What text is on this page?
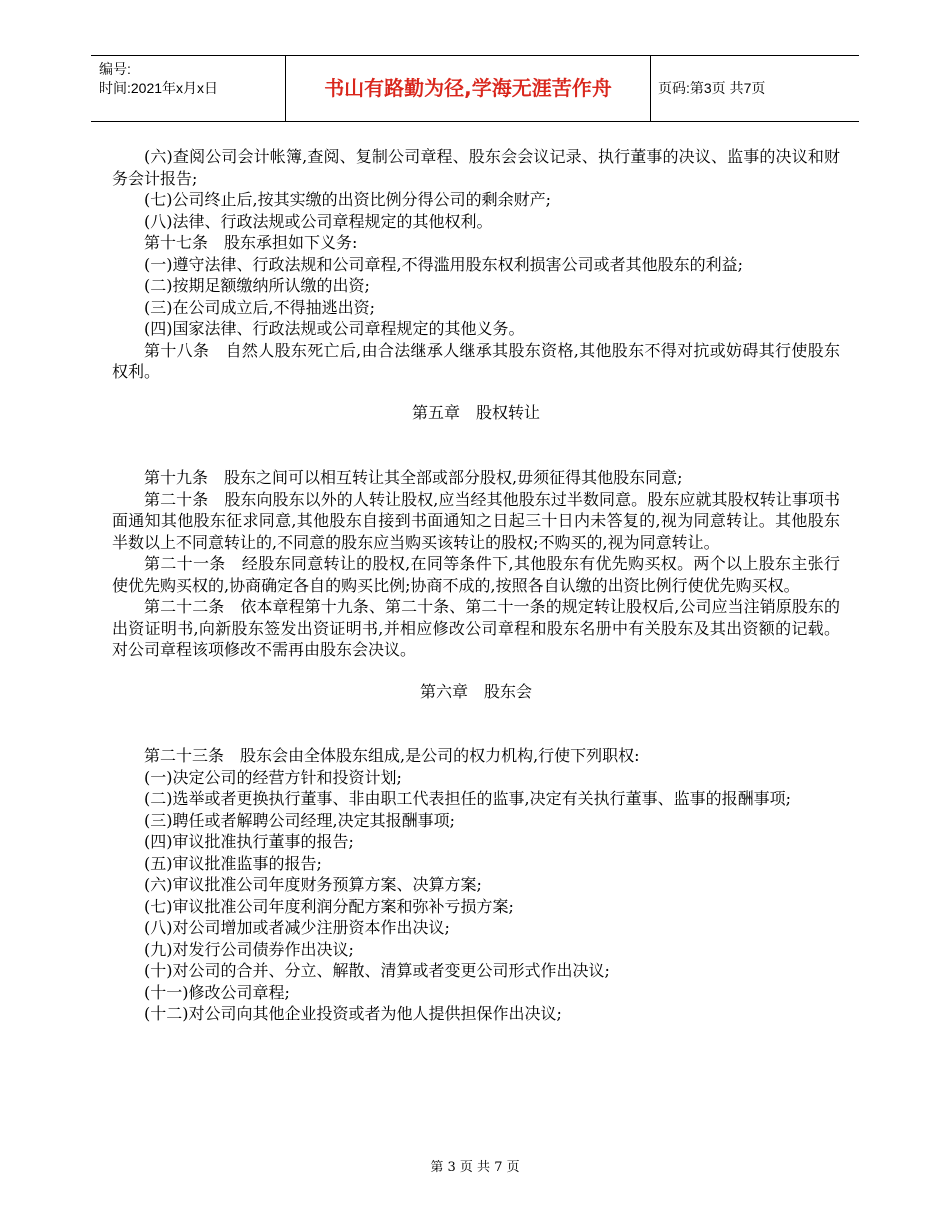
编号:
时间:2021年x月x日	书山有路勤为径,学海无涯苦作舟	页码:第3页 共7页

(六)查阅公司会计帐簿,查阅、复制公司章程、股东会会议记录、执行董事的决议、监事的决议和财务会计报告;

(七)公司终止后,按其实缴的出资比例分得公司的剩余财产;

(八)法律、行政法规或公司章程规定的其他权利。

第十七条　股东承担如下义务:

(一)遵守法律、行政法规和公司章程,不得滥用股东权利损害公司或者其他股东的利益;

(二)按期足额缴纳所认缴的出资;

(三)在公司成立后,不得抽逃出资;

(四)国家法律、行政法规或公司章程规定的其他义务。

第十八条　自然人股东死亡后,由合法继承人继承其股东资格,其他股东不得对抗或妨碍其行使股东权利。

第五章　股权转让

第十九条　股东之间可以相互转让其全部或部分股权,毋须征得其他股东同意;

第二十条　股东向股东以外的人转让股权,应当经其他股东过半数同意。股东应就其股权转让事项书面通知其他股东征求同意,其他股东自接到书面通知之日起三十日内未答复的,视为同意转让。其他股东半数以上不同意转让的,不同意的股东应当购买该转让的股权;不购买的,视为同意转让。

第二十一条　经股东同意转让的股权,在同等条件下,其他股东有优先购买权。两个以上股东主张行使优先购买权的,协商确定各自的购买比例;协商不成的,按照各自认缴的出资比例行使优先购买权。

第二十二条　依本章程第十九条、第二十条、第二十一条的规定转让股权后,公司应当注销原股东的出资证明书,向新股东签发出资证明书,并相应修改公司章程和股东名册中有关股东及其出资额的记载。对公司章程该项修改不需再由股东会决议。

第六章　股东会

第二十三条　股东会由全体股东组成,是公司的权力机构,行使下列职权:

(一)决定公司的经营方针和投资计划;

(二)选举或者更换执行董事、非由职工代表担任的监事,决定有关执行董事、监事的报酬事项;

(三)聘任或者解聘公司经理,决定其报酬事项;

(四)审议批准执行董事的报告;

(五)审议批准监事的报告;

(六)审议批准公司年度财务预算方案、决算方案;

(七)审议批准公司年度利润分配方案和弥补亏损方案;

(八)对公司增加或者减少注册资本作出决议;

(九)对发行公司债券作出决议;

(十)对公司的合并、分立、解散、清算或者变更公司形式作出决议;

(十一)修改公司章程;

(十二)对公司向其他企业投资或者为他人提供担保作出决议;

第 3 页 共 7 页
